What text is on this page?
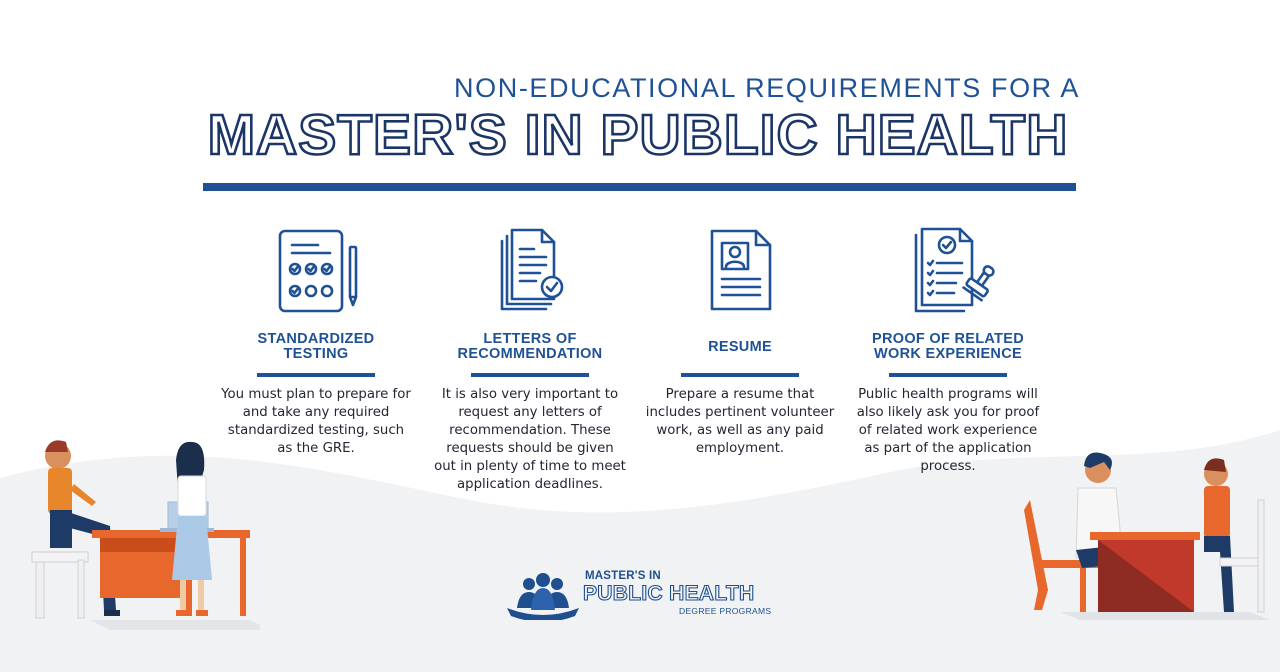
NON-EDUCATIONAL REQUIREMENTS FOR A
MASTER'S IN PUBLIC HEALTH
STANDARDIZED
TESTING

You must plan to prepare for and take any required standardized testing, such as the GRE.

LETTERS OF
RECOMMENDATION

It is also very important to request any letters of recommendation. These requests should be given out in plenty of time to meet application deadlines.

RESUME

Prepare a resume that includes pertinent volunteer work, as well as any paid employment.

PROOF OF RELATED
WORK EXPERIENCE

Public health programs will also likely ask you for proof of related work experience as part of the application process.

MASTER'S IN
PUBLIC HEALTH
DEGREE PROGRAMS
